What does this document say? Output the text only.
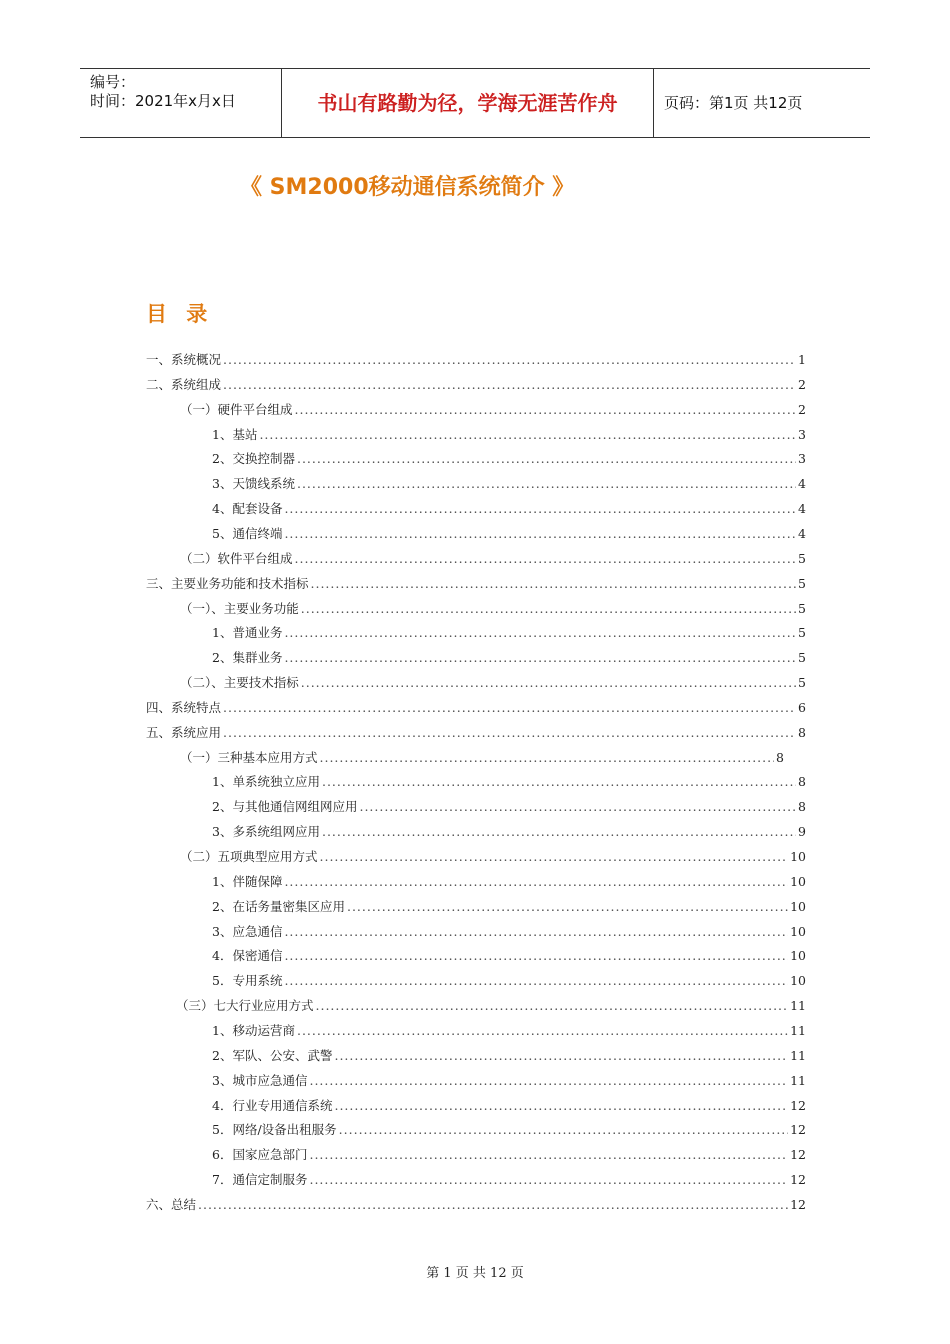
编号：
时间：2021年x月x日	书山有路勤为径，学海无涯苦作舟	页码：第1页 共12页
《 SM2000移动通信系统简介 》
目 录
一、系统概况 .....	1
二、系统组成 .....	2
（一）硬件平台组成 .....	2
1、基站 .....	3
2、交换控制器 .....	3
3、天馈线系统 .....	4
4、配套设备 .....	4
5、通信终端 .....	4
（二）软件平台组成 .....	5
三、主要业务功能和技术指标 .....	5
（一）、主要业务功能 .....	5
1、普通业务 .....	5
2、集群业务 .....	5
（二）、主要技术指标 .....	5
四、系统特点 .....	6
五、系统应用 .....	8
（一）三种基本应用方式 .....	8
1、单系统独立应用 .....	8
2、与其他通信网组网应用 .....	8
3、多系统组网应用 .....	9
（二）五项典型应用方式 .....	10
1、伴随保障 .....	10
2、在话务量密集区应用 .....	10
3、应急通信 .....	10
4．保密通信 .....	10
5．专用系统 .....	10
（三）七大行业应用方式 .....	11
1、移动运营商 .....	11
2、军队、公安、武警 .....	11
3、城市应急通信 .....	11
4．行业专用通信系统 .....	12
5．网络/设备出租服务 .....	12
6．国家应急部门 .....	12
7．通信定制服务 .....	12
六、总结 .....	12
第 1 页 共 12 页
